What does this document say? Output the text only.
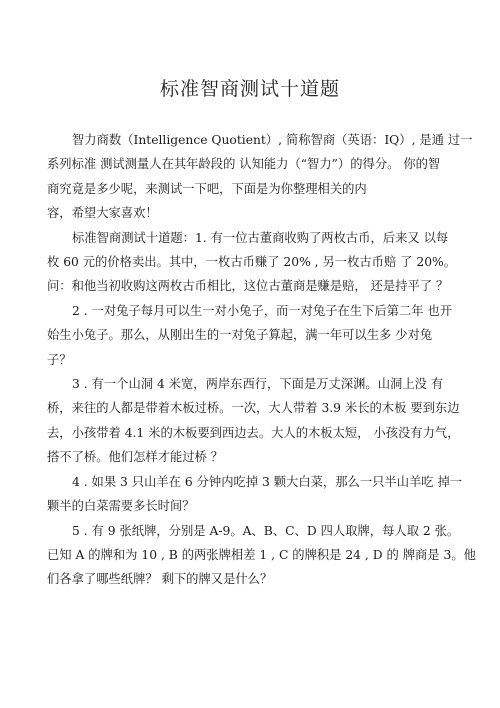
标准智商测试十道题

智力商数（Intelligence Quotient）, 简称智商（英语：IQ）, 是通 过一
系列标准 测试测量人在其年龄段的 认知能力（“智力”）的得分。 你的智
商究竟是多少呢，来测试一下吧，下面是为你整理相关的内
容，希望大家喜欢！

标准智商测试十道题：1. 有一位古董商收购了两枚古币，后来又 以每
枚 60 元的价格卖出。其中，一枚古币赚了 20% , 另一枚古币赔 了 20%。
问：和他当初收购这两枚古币相比，这位古董商是赚是赔， 还是持平了 ？

2 . 一对兔子每月可以生一对小兔子，而一对兔子在生下后第二年 也开
始生小兔子。那么，从刚出生的一对兔子算起，满一年可以生多 少对兔
子？

3 . 有一个山洞 4 米宽，两岸东西行，下面是万丈深渊。山洞上没 有
桥，来往的人都是带着木板过桥。一次，大人带着 3.9 米长的木板 要到东边
去，小孩带着 4.1 米的木板要到西边去。大人的木板太短， 小孩没有力气，
搭不了桥。他们怎样才能过桥 ？

4 . 如果 3 只山羊在 6 分钟内吃掉 3 颗大白菜，那么一只半山羊吃 掉一
颗半的白菜需要多长时间？

5 . 有 9 张纸牌，分别是 A-9。A、B、C、D 四人取牌，每人取 2 张。
已知 A 的牌和为 10 , B 的两张牌相差 1 , C 的牌积是 24 , D 的 牌商是 3。他
们各拿了哪些纸牌？ 剩下的牌又是什么？
